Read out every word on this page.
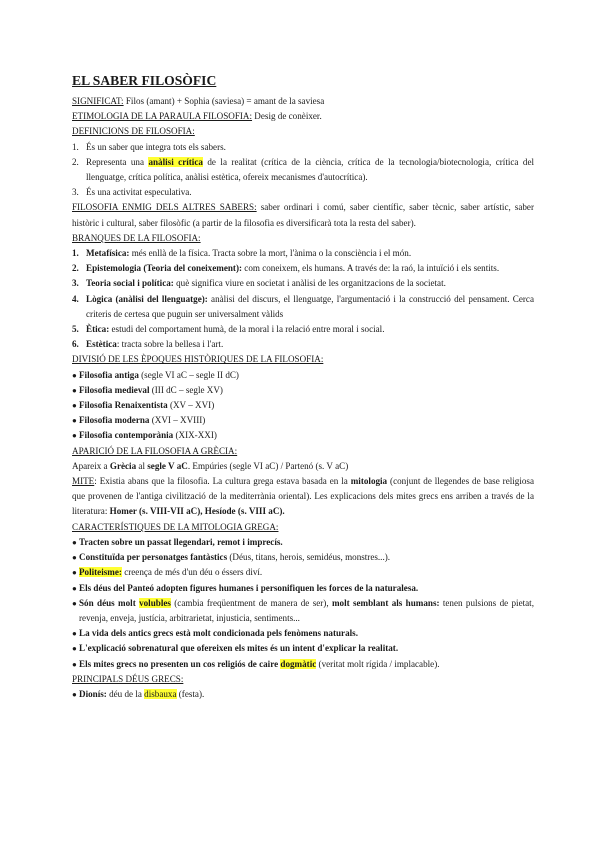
EL SABER FILOSÒFIC
SIGNIFICAT: Filos (amant) + Sophia (saviesa) = amant de la saviesa
ETIMOLOGIA DE LA PARAULA FILOSOFIA: Desig de conèixer.
DEFINICIONS DE FILOSOFIA:
1. És un saber que integra tots els sabers.
2. Representa una anàlisi crítica de la realitat (crítica de la ciència, crítica de la tecnologia/biotecnologia, crítica del llenguatge, crítica política, anàlisi estètica, ofereix mecanismes d'autocrítica).
3. És una activitat especulativa.
FILOSOFIA ENMIG DELS ALTRES SABERS: saber ordinari i comú, saber científic, saber tècnic, saber artístic, saber històric i cultural, saber filosòfic (a partir de la filosofia es diversificarà tota la resta del saber).
BRANQUES DE LA FILOSOFIA:
1. Metafísica: més enllà de la física. Tracta sobre la mort, l'ànima o la consciència i el món.
2. Epistemologia (Teoria del coneixement): com coneixem, els humans. A través de: la raó, la intuïció i els sentits.
3. Teoria social i política: què significa viure en societat i anàlisi de les organitzacions de la societat.
4. Lògica (anàlisi del llenguatge): anàlisi del discurs, el llenguatge, l'argumentació i la construcció del pensament. Cerca criteris de certesa que puguin ser universalment vàlids
5. Ètica: estudi del comportament humà, de la moral i la relació entre moral i social.
6. Estètica: tracta sobre la bellesa i l'art.
DIVISIÓ DE LES ÈPOQUES HISTÒRIQUES DE LA FILOSOFIA:
● Filosofia antiga (segle VI aC – segle II dC)
● Filosofia medieval (III dC – segle XV)
● Filosofia Renaixentista (XV – XVI)
● Filosofia moderna (XVI – XVIII)
● Filosofia contemporània (XIX-XXI)
APARICIÓ DE LA FILOSOFIA A GRÈCIA:
Apareix a Grècia al segle V aC. Empúries (segle VI aC) / Partenó (s. V aC)
MITE: Existia abans que la filosofia. La cultura grega estava basada en la mitologia (conjunt de llegendes de base religiosa que provenen de l'antiga civilització de la mediterrània oriental). Les explicacions dels mites grecs ens arriben a través de la literatura: Homer (s. VIII-VII aC), Hesíode (s. VIII aC).
CARACTERÍSTIQUES DE LA MITOLOGIA GREGA:
● Tracten sobre un passat llegendari, remot i imprecís.
● Constituïda per personatges fantàstics (Déus, titans, herois, semidéus, monstres...).
● Politeisme: creença de més d'un déu o éssers diví.
● Els déus del Panteó adopten figures humanes i personifiquen les forces de la naturalesa.
● Són déus molt volubles (cambia freqüentment de manera de ser), molt semblant als humans: tenen pulsions de pietat, revenja, enveja, justícia, arbitrarietat, injusticia, sentiments...
● La vida dels antics grecs està molt condicionada pels fenòmens naturals.
● L'explicació sobrenatural que ofereixen els mites és un intent d'explicar la realitat.
● Els mites grecs no presenten un cos religiós de caire dogmàtic (veritat molt rígida / implacable).
PRINCIPALS DÉUS GRECS:
● Dionís: déu de la disbauxa (festa).
